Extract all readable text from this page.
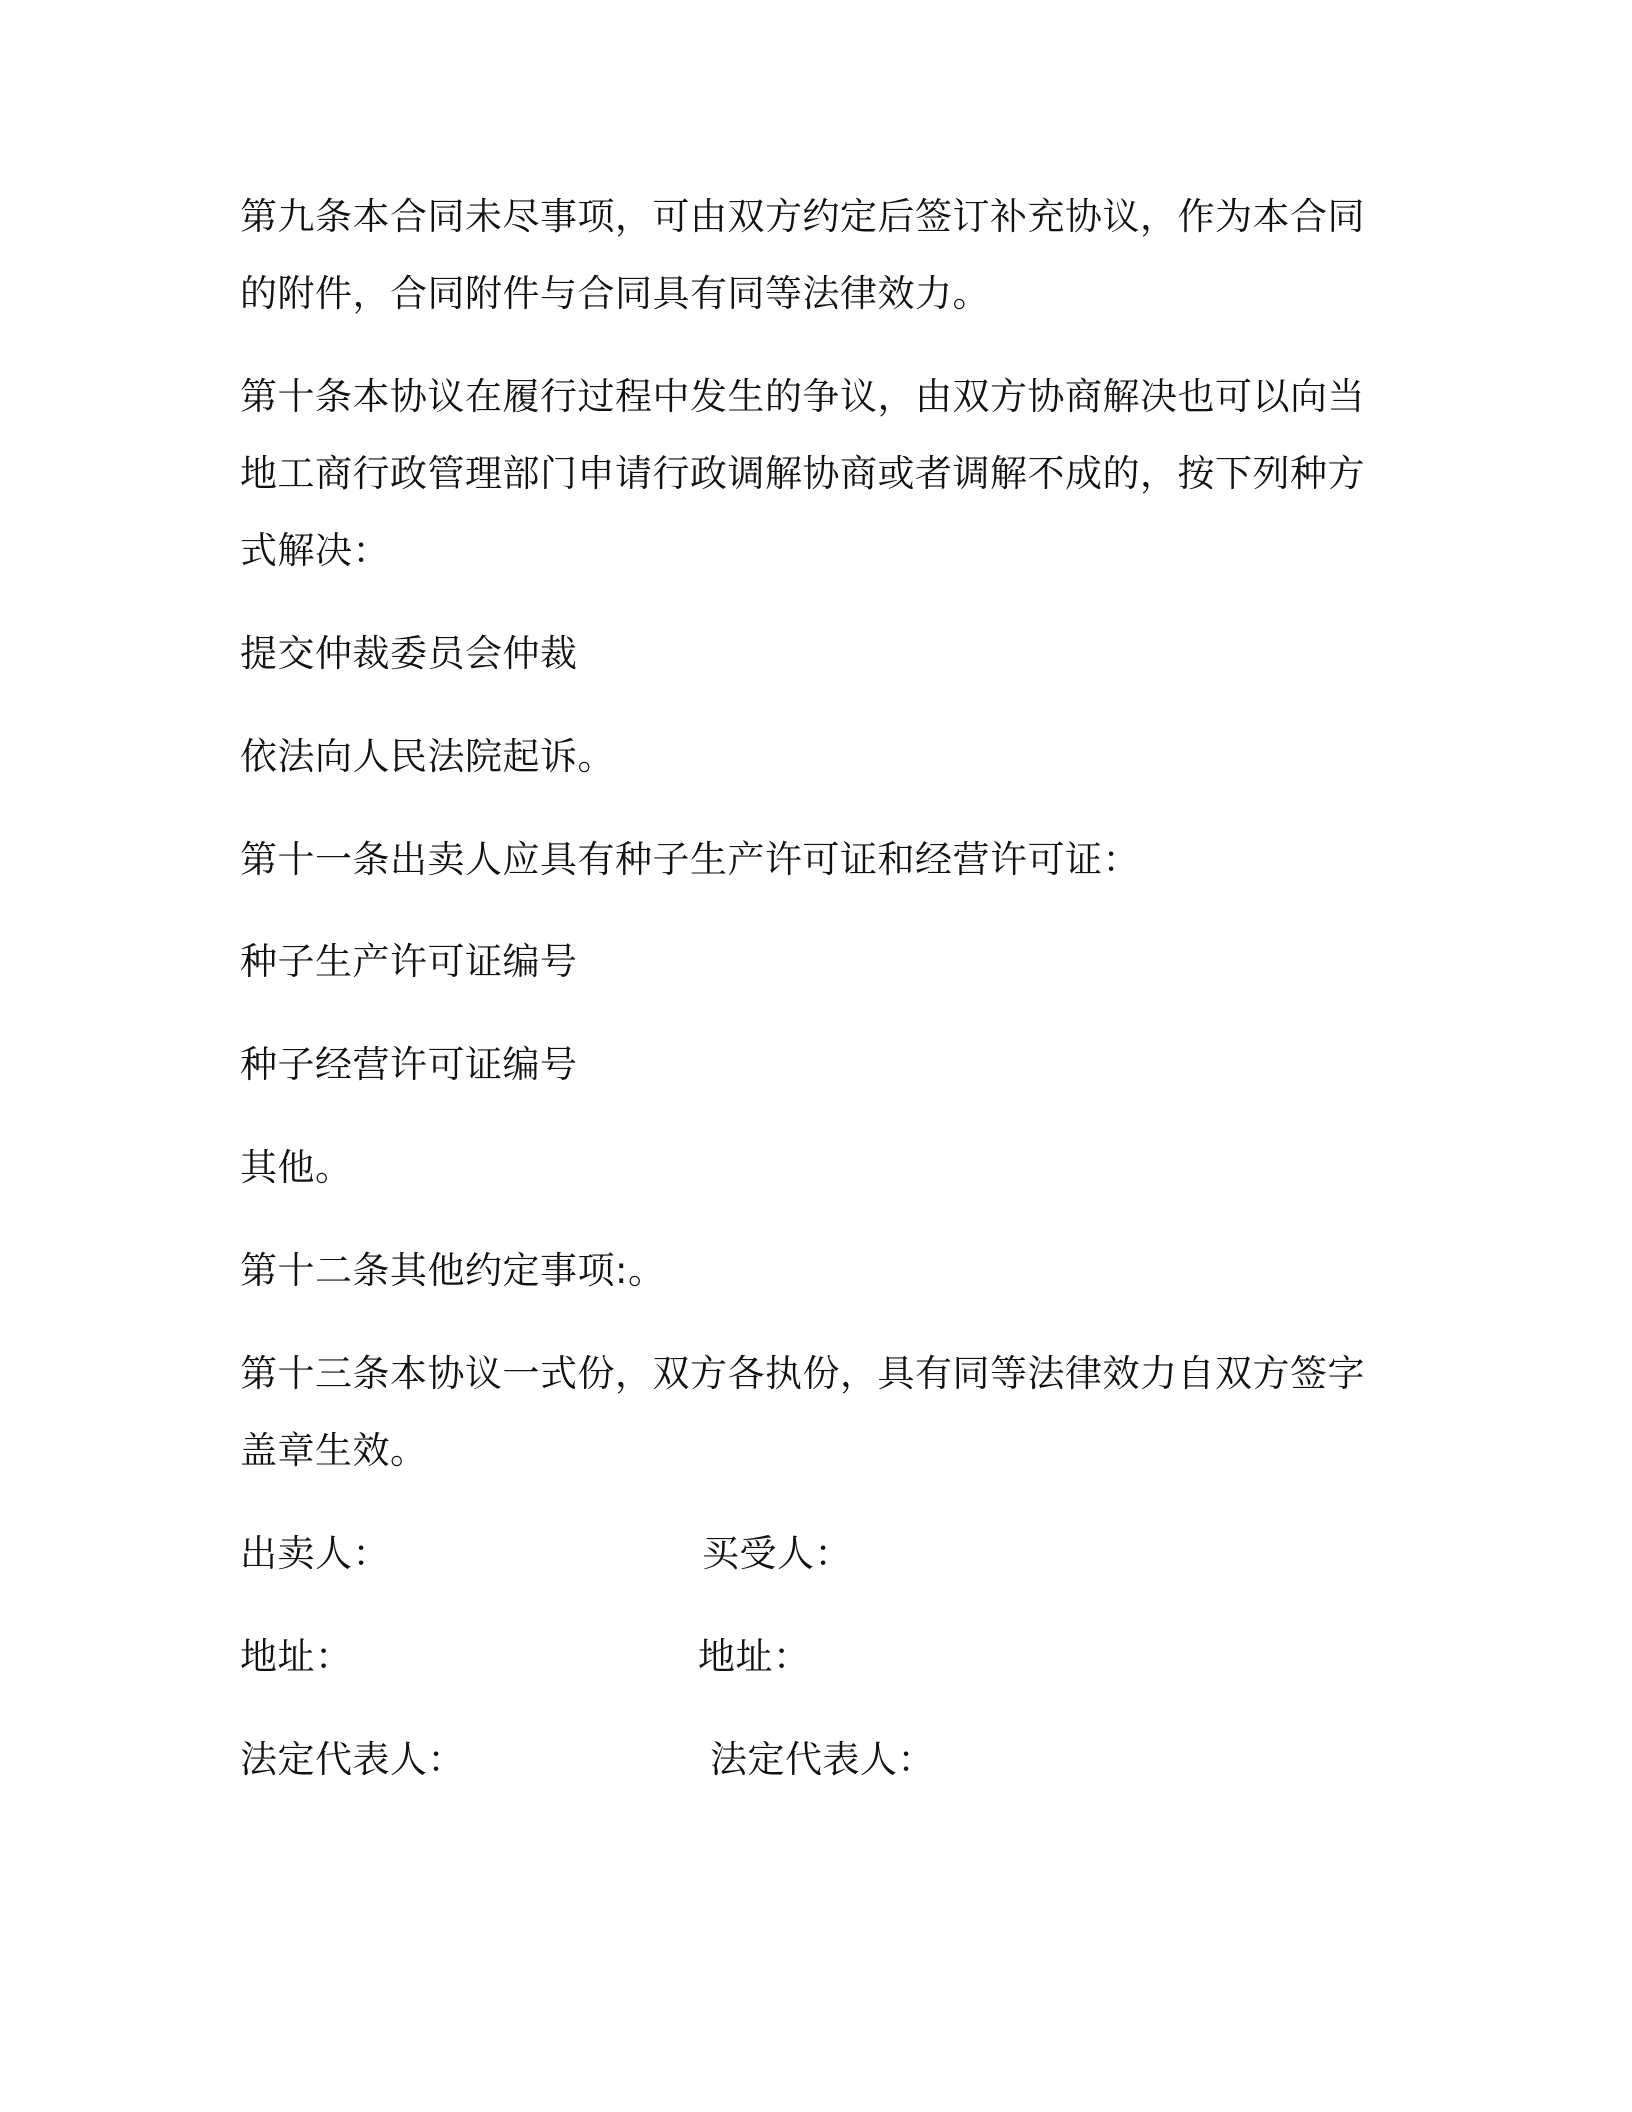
第九条本合同未尽事项，可由双方约定后签订补充协议，作为本合同
的附件，合同附件与合同具有同等法律效力。
第十条本协议在履行过程中发生的争议，由双方协商解决也可以向当
地工商行政管理部门申请行政调解协商或者调解不成的，按下列种方
式解决：
提交仲裁委员会仲裁
依法向人民法院起诉。
第十一条出卖人应具有种子生产许可证和经营许可证：
种子生产许可证编号
种子经营许可证编号
其他。
第十二条其他约定事项:。
第十三条本协议一式份，双方各执份，具有同等法律效力自双方签字
盖章生效。
出卖人：	买受人：
地址：	地址：
法定代表人：	法定代表人：
